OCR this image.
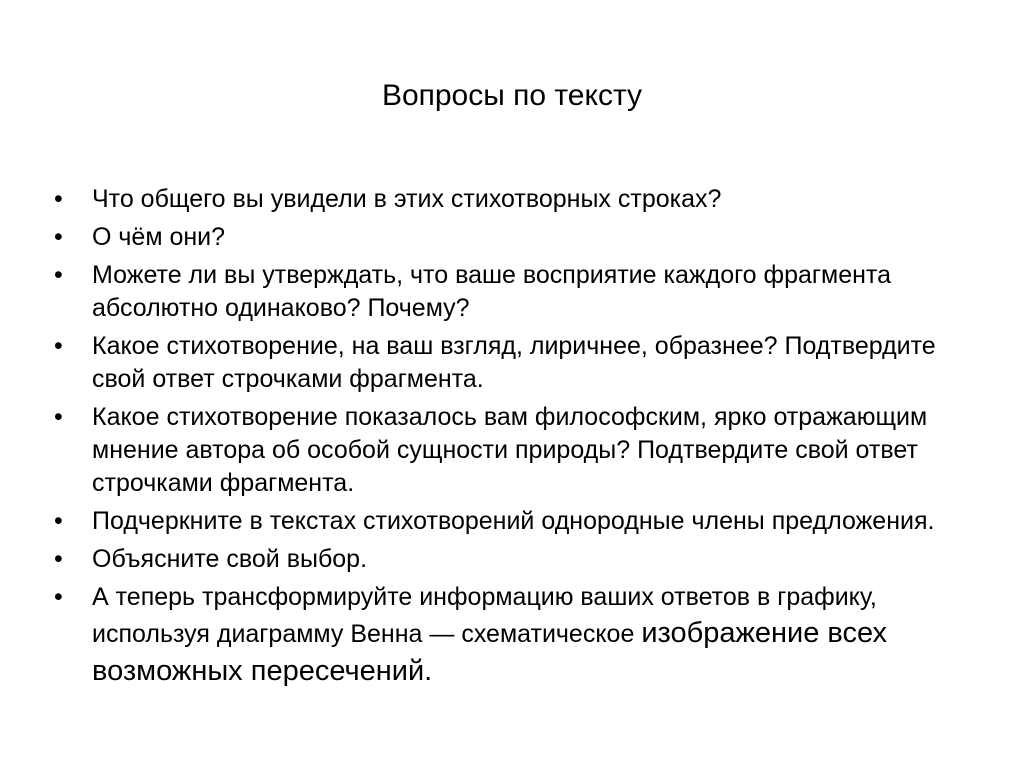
Вопросы по тексту
• Что общего вы увидели в этих стихотворных строках?
• О чём они?
• Можете ли вы утверждать, что ваше восприятие каждого фрагмента абсолютно одинаково? Почему?
• Какое стихотворение, на ваш взгляд, лиричнее, образнее? Подтвердите свой ответ строчками фрагмента.
• Какое стихотворение показалось вам философским, ярко отражающим мнение автора об особой сущности природы? Подтвердите свой ответ строчками фрагмента.
• Подчеркните в текстах стихотворений однородные члены предложения.
• Объясните свой выбор.
• А теперь трансформируйте информацию ваших ответов в графику, используя диаграмму Венна — схематическое изображение всех возможных пересечений.
